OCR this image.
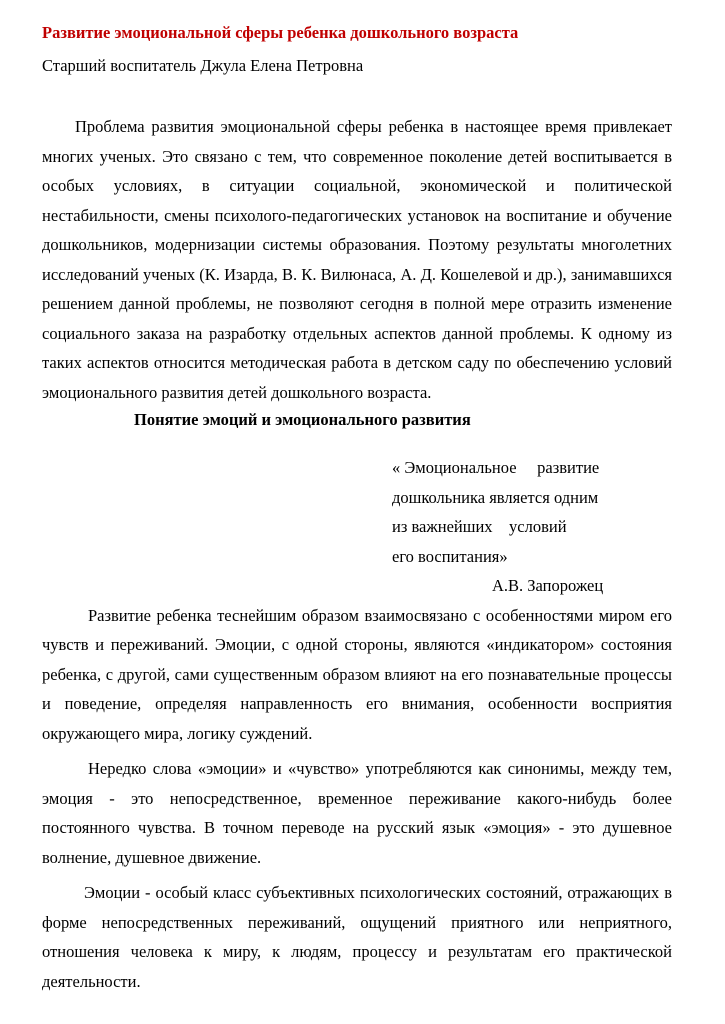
Развитие эмоциональной сферы ребенка дошкольного возраста

Старший воспитатель Джула Елена Петровна

Проблема развития эмоциональной сферы ребенка в настоящее время привлекает многих ученых. Это связано с тем, что современное поколение детей воспитывается в особых условиях, в ситуации социальной, экономической и политической нестабильности, смены психолого-педагогических установок на воспитание и обучение дошкольников, модернизации системы образования. Поэтому результаты многолетних исследований ученых (К. Изарда, В. К. Вилюнаса, А. Д. Кошелевой и др.), занимавшихся решением данной проблемы, не позволяют сегодня в полной мере отразить изменение социального заказа на разработку отдельных аспектов данной проблемы. К одному из таких аспектов относится методическая работа в детском саду по обеспечению условий эмоционального развития детей дошкольного возраста.

Понятие эмоций и эмоционального развития
« Эмоциональное     развитие
дошкольника является одним
из важнейших    условий
его воспитания»

А.В. Запорожец

Развитие ребенка теснейшим образом взаимосвязано с особенностями миром его чувств и переживаний. Эмоции, с одной стороны, являются «индикатором» состояния ребенка, с другой, сами существенным образом влияют на его познавательные процессы и поведение, определяя направленность его внимания, особенности восприятия окружающего мира, логику суждений.

Нередко слова «эмоции» и «чувство» употребляются как синонимы, между тем, эмоция - это непосредственное, временное переживание какого-нибудь более постоянного чувства. В точном переводе на русский язык «эмоция» - это душевное волнение, душевное движение.

Эмоции - особый класс субъективных психологических состояний, отражающих в форме непосредственных переживаний, ощущений приятного или неприятного, отношения человека к миру, к людям, процессу и результатам его практической деятельности.
